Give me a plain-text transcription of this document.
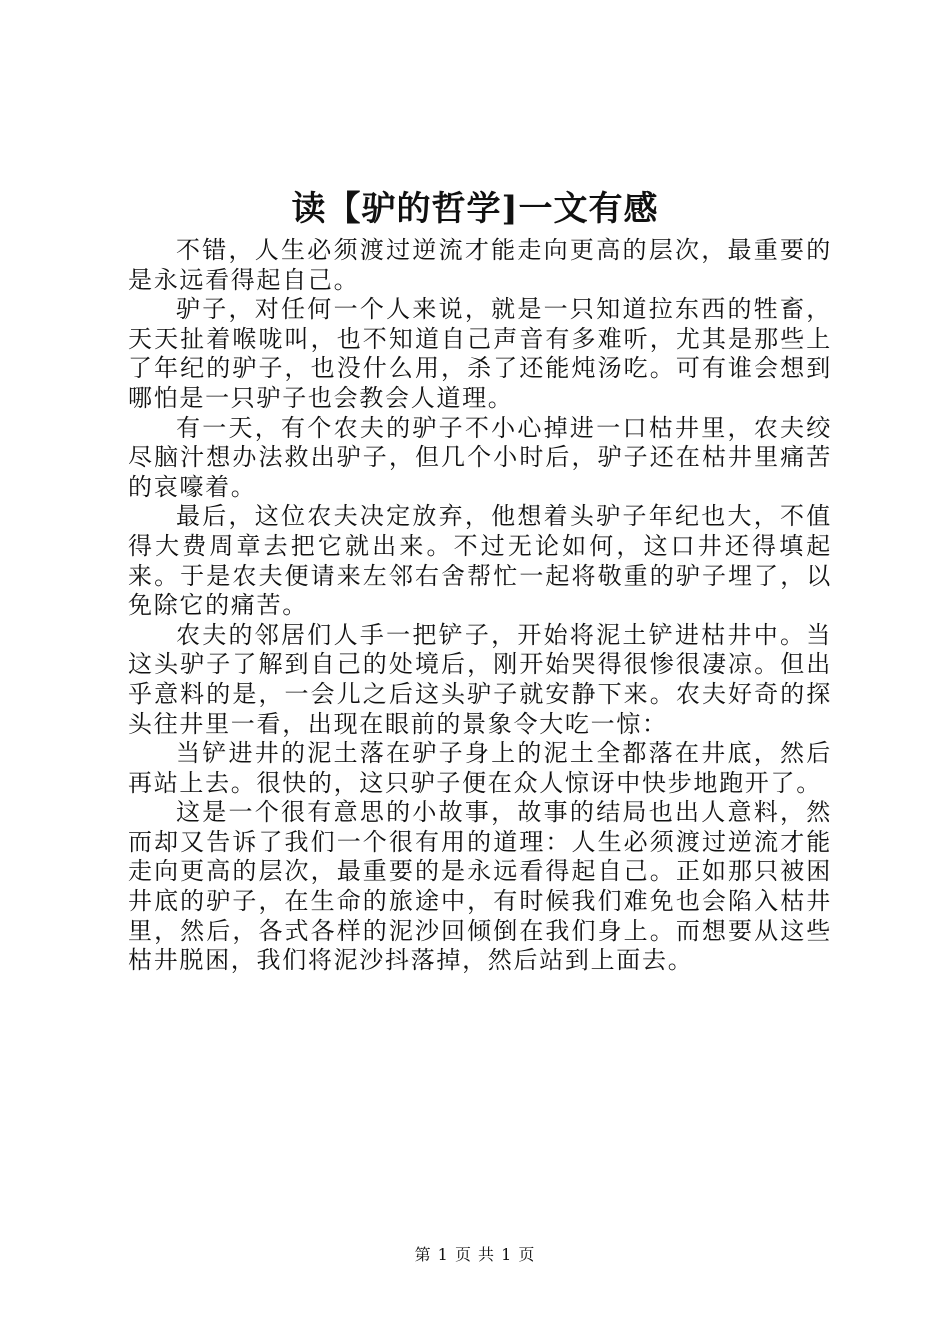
读【驴的哲学]一文有感

不错，人生必须渡过逆流才能走向更高的层次，最重要的是永远看得起自己。

驴子，对任何一个人来说，就是一只知道拉东西的牲畜，天天扯着喉咙叫，也不知道自己声音有多难听，尤其是那些上了年纪的驴子，也没什么用，杀了还能炖汤吃。可有谁会想到哪怕是一只驴子也会教会人道理。

有一天，有个农夫的驴子不小心掉进一口枯井里，农夫绞尽脑汁想办法救出驴子，但几个小时后，驴子还在枯井里痛苦的哀嚎着。

最后，这位农夫决定放弃，他想着头驴子年纪也大，不值得大费周章去把它就出来。不过无论如何，这口井还得填起来。于是农夫便请来左邻右舍帮忙一起将敬重的驴子埋了，以免除它的痛苦。

农夫的邻居们人手一把铲子，开始将泥土铲进枯井中。当这头驴子了解到自己的处境后，刚开始哭得很惨很凄凉。但出乎意料的是，一会儿之后这头驴子就安静下来。农夫好奇的探头往井里一看，出现在眼前的景象令大吃一惊：

当铲进井的泥土落在驴子身上的泥土全都落在井底，然后再站上去。很快的，这只驴子便在众人惊讶中快步地跑开了。

这是一个很有意思的小故事，故事的结局也出人意料，然而却又告诉了我们一个很有用的道理：人生必须渡过逆流才能走向更高的层次，最重要的是永远看得起自己。正如那只被困井底的驴子，在生命的旅途中，有时候我们难免也会陷入枯井里，然后，各式各样的泥沙回倾倒在我们身上。而想要从这些枯井脱困，我们将泥沙抖落掉，然后站到上面去。

第 1 页 共 1 页
